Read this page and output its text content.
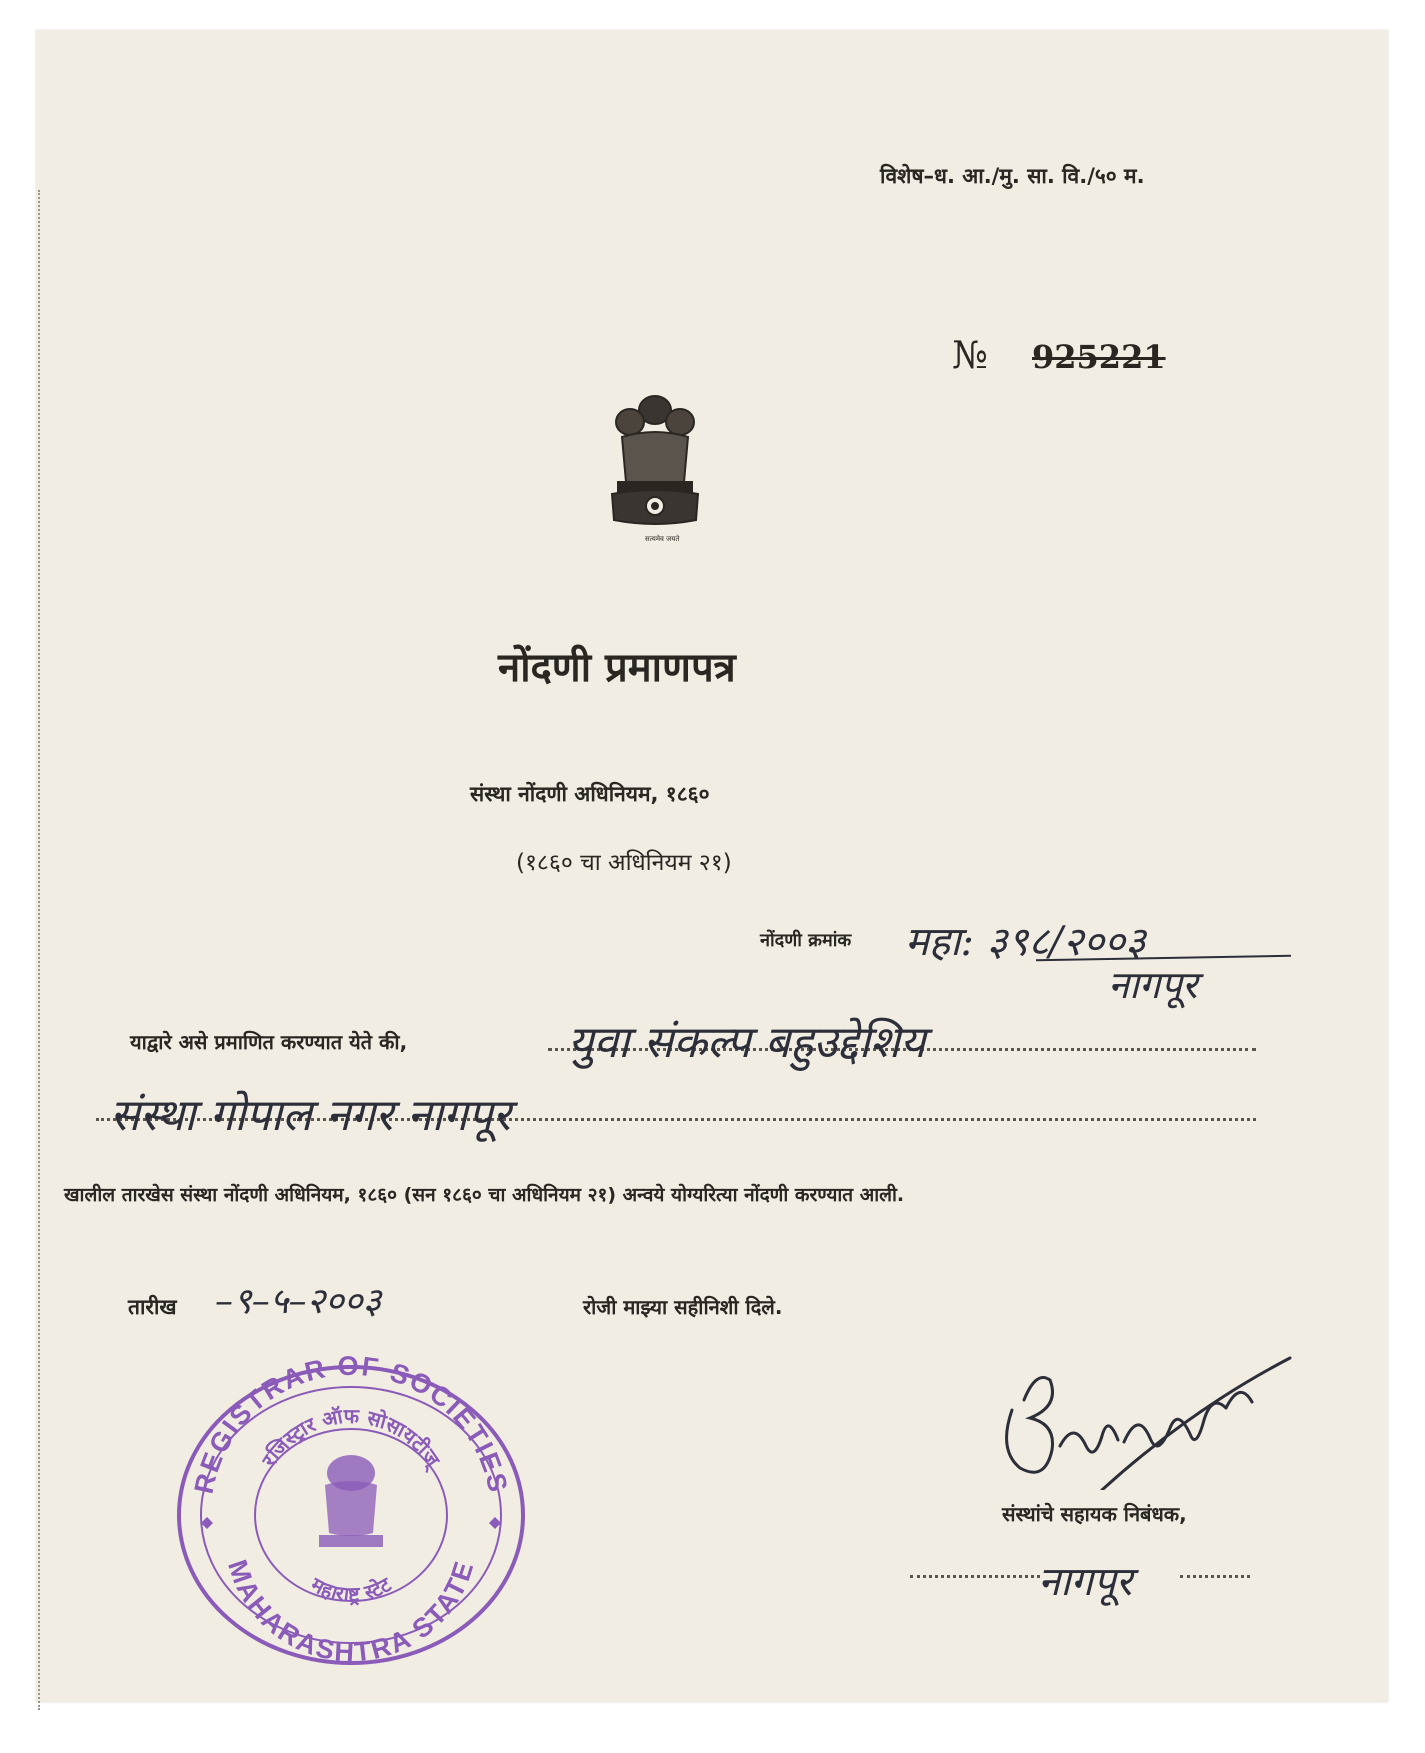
विशेष–ध. आ./मु. सा. वि./५० म.
№ 925221
सत्यमेव जयते
नोंदणी प्रमाणपत्र
संस्था नोंदणी अधिनियम, १८६०
(१८६० चा अधिनियम २१)
नोंदणी क्रमांक महा: ३९८/२००३
नागपूर
याद्वारे असे प्रमाणित करण्यात येते की,	युवा संकल्प बहुउद्देशिय
संस्था गोपाल नगर नागपूर
खालील तारखेस संस्था नोंदणी अधिनियम, १८६० (सन १८६० चा अधिनियम २१) अन्वये योग्यरित्या नोंदणी करण्यात आली.
तारीख –९–५–२००३	रोजी माझ्या सहीनिशी दिले.
संस्थांचे सहायक निबंधक,
नागपूर
REGISTRAR OF SOCIETIES
MAHARASHTRA STATE
रजिस्ट्रार ऑफ सोसायटीज्
महाराष्ट्र स्टेट
